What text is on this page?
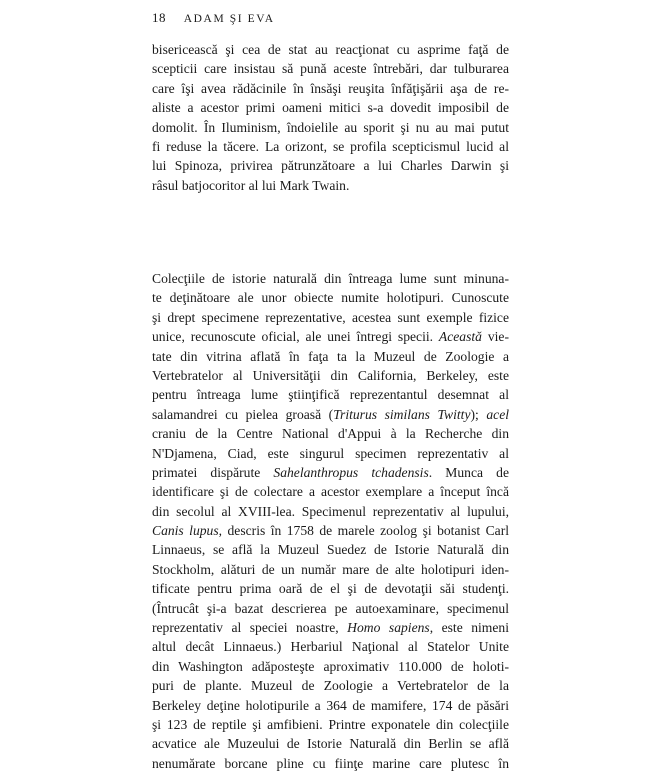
18 ADAM ŞI EVA
bisericească şi cea de stat au reacţionat cu asprime faţă de
scepticii care insistau să pună aceste întrebări, dar tulburarea
care îşi avea rădăcinile în însăşi reuşita înfăţişării aşa de re-
aliste a acestor primi oameni mitici s-a dovedit imposibil de
domolit. În Iluminism, îndoielile au sporit şi nu au mai putut
fi reduse la tăcere. La orizont, se profila scepticismul lucid al
lui Spinoza, privirea pătrunzătoare a lui Charles Darwin şi
râsul batjocoritor al lui Mark Twain.
Colecţiile de istorie naturală din întreaga lume sunt minuna-
te deţinătoare ale unor obiecte numite holotipuri. Cunoscute
şi drept specimene reprezentative, acestea sunt exemple fizice
unice, recunoscute oficial, ale unei întregi specii. Această vie-
tate din vitrina aflată în faţa ta la Muzeul de Zoologie a
Vertebratelor al Universităţii din California, Berkeley, este
pentru întreaga lume ştiinţifică reprezentantul desemnat al
salamandrei cu pielea groasă (Triturus similans Twitty); acel
craniu de la Centre National d'Appui à la Recherche din
N'Djamena, Ciad, este singurul specimen reprezentativ al
primatei dispărute Sahelanthropus tchadensis. Munca de
identificare şi de colectare a acestor exemplare a început încă
din secolul al XVIII-lea. Specimenul reprezentativ al lupului,
Canis lupus, descris în 1758 de marele zoolog şi botanist Carl
Linnaeus, se află la Muzeul Suedez de Istorie Naturală din
Stockholm, alături de un număr mare de alte holotipuri iden-
tificate pentru prima oară de el şi de devotaţii săi studenţi.
(Întrucât şi-a bazat descrierea pe autoexaminare, specimenul
reprezentativ al speciei noastre, Homo sapiens, este nimeni
altul decât Linnaeus.) Herbariul Naţional al Statelor Unite
din Washington adăposteşte aproximativ 110.000 de holoti-
puri de plante. Muzeul de Zoologie a Vertebratelor de la
Berkeley deţine holotipurile a 364 de mamifere, 174 de păsări
şi 123 de reptile şi amfibieni. Printre exponatele din colecţiile
acvatice ale Muzeului de Istorie Naturală din Berlin se află
nenumărate borcane pline cu fiinţe marine care plutesc în
